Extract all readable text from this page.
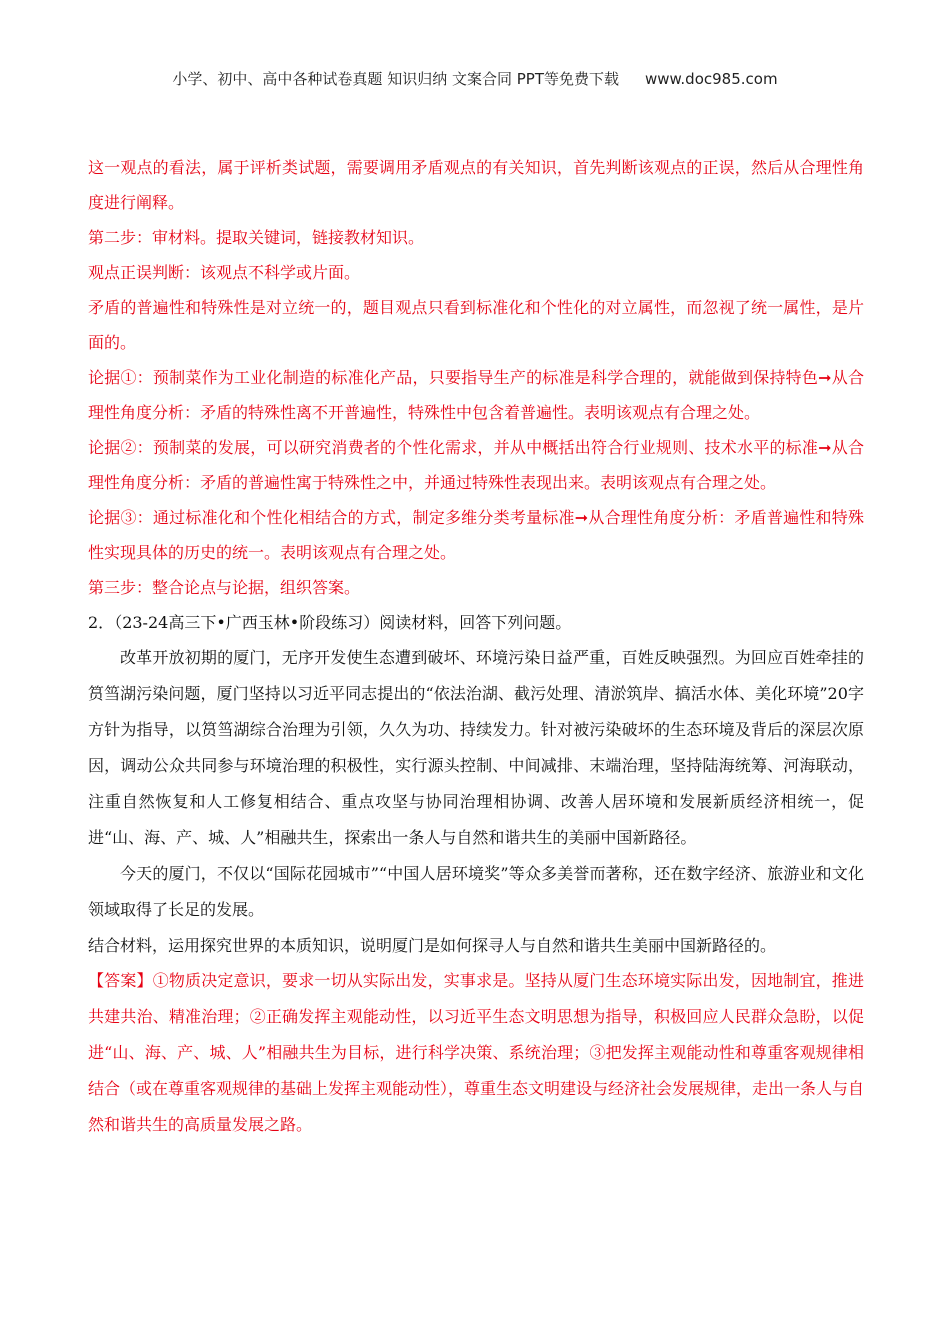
小学、初中、高中各种试卷真题 知识归纳 文案合同 PPT等免费下载 www.doc985.com

这一观点的看法，属于评析类试题，需要调用矛盾观点的有关知识，首先判断该观点的正误，然后从合理性角度进行阐释。

第二步：审材料。提取关键词，链接教材知识。

观点正误判断：该观点不科学或片面。

矛盾的普遍性和特殊性是对立统一的，题目观点只看到标准化和个性化的对立属性，而忽视了统一属性，是片面的。

论据①：预制菜作为工业化制造的标准化产品，只要指导生产的标准是科学合理的，就能做到保持特色➞从合理性角度分析：矛盾的特殊性离不开普遍性，特殊性中包含着普遍性。表明该观点有合理之处。

论据②：预制菜的发展，可以研究消费者的个性化需求，并从中概括出符合行业规则、技术水平的标准➞从合理性角度分析：矛盾的普遍性寓于特殊性之中，并通过特殊性表现出来。表明该观点有合理之处。

论据③：通过标准化和个性化相结合的方式，制定多维分类考量标准➞从合理性角度分析：矛盾普遍性和特殊性实现具体的历史的统一。表明该观点有合理之处。

第三步：整合论点与论据，组织答案。

2．（23-24高三下•广西玉林•阶段练习）阅读材料，回答下列问题。

改革开放初期的厦门，无序开发使生态遭到破坏、环境污染日益严重，百姓反映强烈。为回应百姓牵挂的筼筜湖污染问题，厦门坚持以习近平同志提出的“依法治湖、截污处理、清淤筑岸、搞活水体、美化环境”20字方针为指导，以筼筜湖综合治理为引领，久久为功、持续发力。针对被污染破坏的生态环境及背后的深层次原因，调动公众共同参与环境治理的积极性，实行源头控制、中间减排、末端治理，坚持陆海统筹、河海联动，注重自然恢复和人工修复相结合、重点攻坚与协同治理相协调、改善人居环境和发展新质经济相统一，促进“山、海、产、城、人”相融共生，探索出一条人与自然和谐共生的美丽中国新路径。

今天的厦门，不仅以“国际花园城市”“中国人居环境奖”等众多美誉而著称，还在数字经济、旅游业和文化领域取得了长足的发展。

结合材料，运用探究世界的本质知识，说明厦门是如何探寻人与自然和谐共生美丽中国新路径的。

【答案】①物质决定意识，要求一切从实际出发，实事求是。坚持从厦门生态环境实际出发，因地制宜，推进共建共治、精准治理；②正确发挥主观能动性，以习近平生态文明思想为指导，积极回应人民群众急盼，以促进“山、海、产、城、人”相融共生为目标，进行科学决策、系统治理；③把发挥主观能动性和尊重客观规律相结合（或在尊重客观规律的基础上发挥主观能动性），尊重生态文明建设与经济社会发展规律，走出一条人与自然和谐共生的高质量发展之路。
